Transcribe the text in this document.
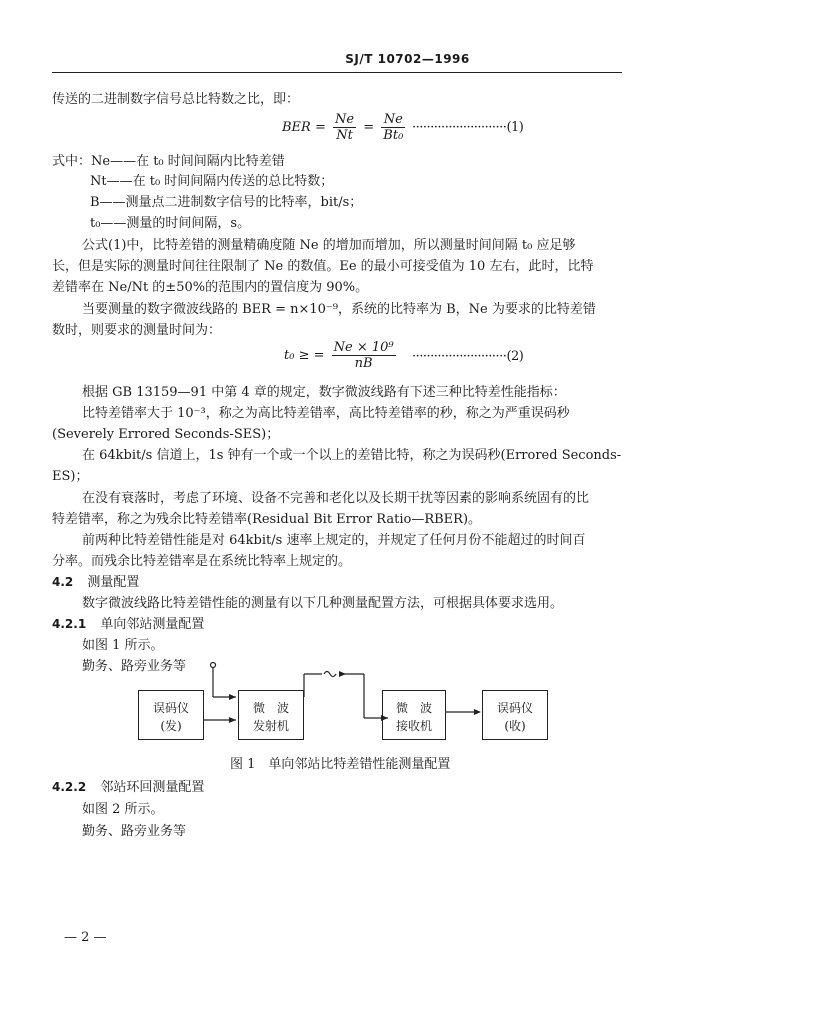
SJ/T 10702—1996
传送的二进制数字信号总比特数之比，即：
BER = $\frac{Ne}{Nt} = \frac{Ne}{\text{Bt₀}} \cdot\cdot\cdot\cdot\cdot\cdot\cdot\cdot\cdot\cdot\cdot\cdot\cdot\cdot\cdot\cdot\cdot\cdot\cdot\cdot\cdot\cdot\cdot\cdot\cdot\cdot(1)$
式中：Ne——在 t₀ 时间间隔内比特差错
Nt——在 t₀ 时间间隔内传送的总比特数；
B——测量点二进制数字信号的比特率，bit/s；
t₀——测量的时间间隔，s。
公式(1)中，比特差错的测量精确度随 Ne 的增加而增加，所以测量时间间隔 t₀ 应足够
长，但是实际的测量时间往往限制了 Ne 的数值。Ee 的最小可接受值为 10 左右，此时，比特
差错率在 Ne/Nt 的±50%的范围内的置信度为 90%。
当要测量的数字微波线路的 BER = n×10⁻⁹，系统的比特率为 B，Ne 为要求的比特差错
数时，则要求的测量时间为：
t₀ ≥ = $\frac{\text{Ne × 10⁹}}{nB} \cdot\cdot\cdot\cdot\cdot\cdot\cdot\cdot\cdot\cdot\cdot\cdot\cdot\cdot\cdot\cdot\cdot\cdot\cdot\cdot\cdot\cdot\cdot\cdot\cdot\cdot(2)$
根据 GB 13159—91 中第 4 章的规定，数字微波线路有下述三种比特差性能指标：
比特差错率大于 10⁻³，称之为高比特差错率，高比特差错率的秒，称之为严重误码秒
(Severely Errored Seconds-SES)；
在 64kbit/s 信道上，1s 钟有一个或一个以上的差错比特，称之为误码秒(Errored Seconds-
ES)；
在没有衰落时，考虑了环境、设备不完善和老化以及长期干扰等因素的影响系统固有的比
特差错率，称之为残余比特差错率(Residual Bit Error Ratio—RBER)。
前两种比特差错性能是对 64kbit/s 速率上规定的，并规定了任何月份不能超过的时间百
分率。而残余比特差错率是在系统比特率上规定的。
4.2 测量配置
数字微波线路比特差错性能的测量有以下几种测量配置方法，可根据具体要求选用。
4.2.1 单向邻站测量配置
如图 1 所示。
勤务、路旁业务等
误码仪
(发)
微　波
发射机
微　波
接收机
误码仪
(收)
图 1　单向邻站比特差错性能测量配置
4.2.2 邻站环回测量配置
如图 2 所示。
勤务、路旁业务等
— 2 —
